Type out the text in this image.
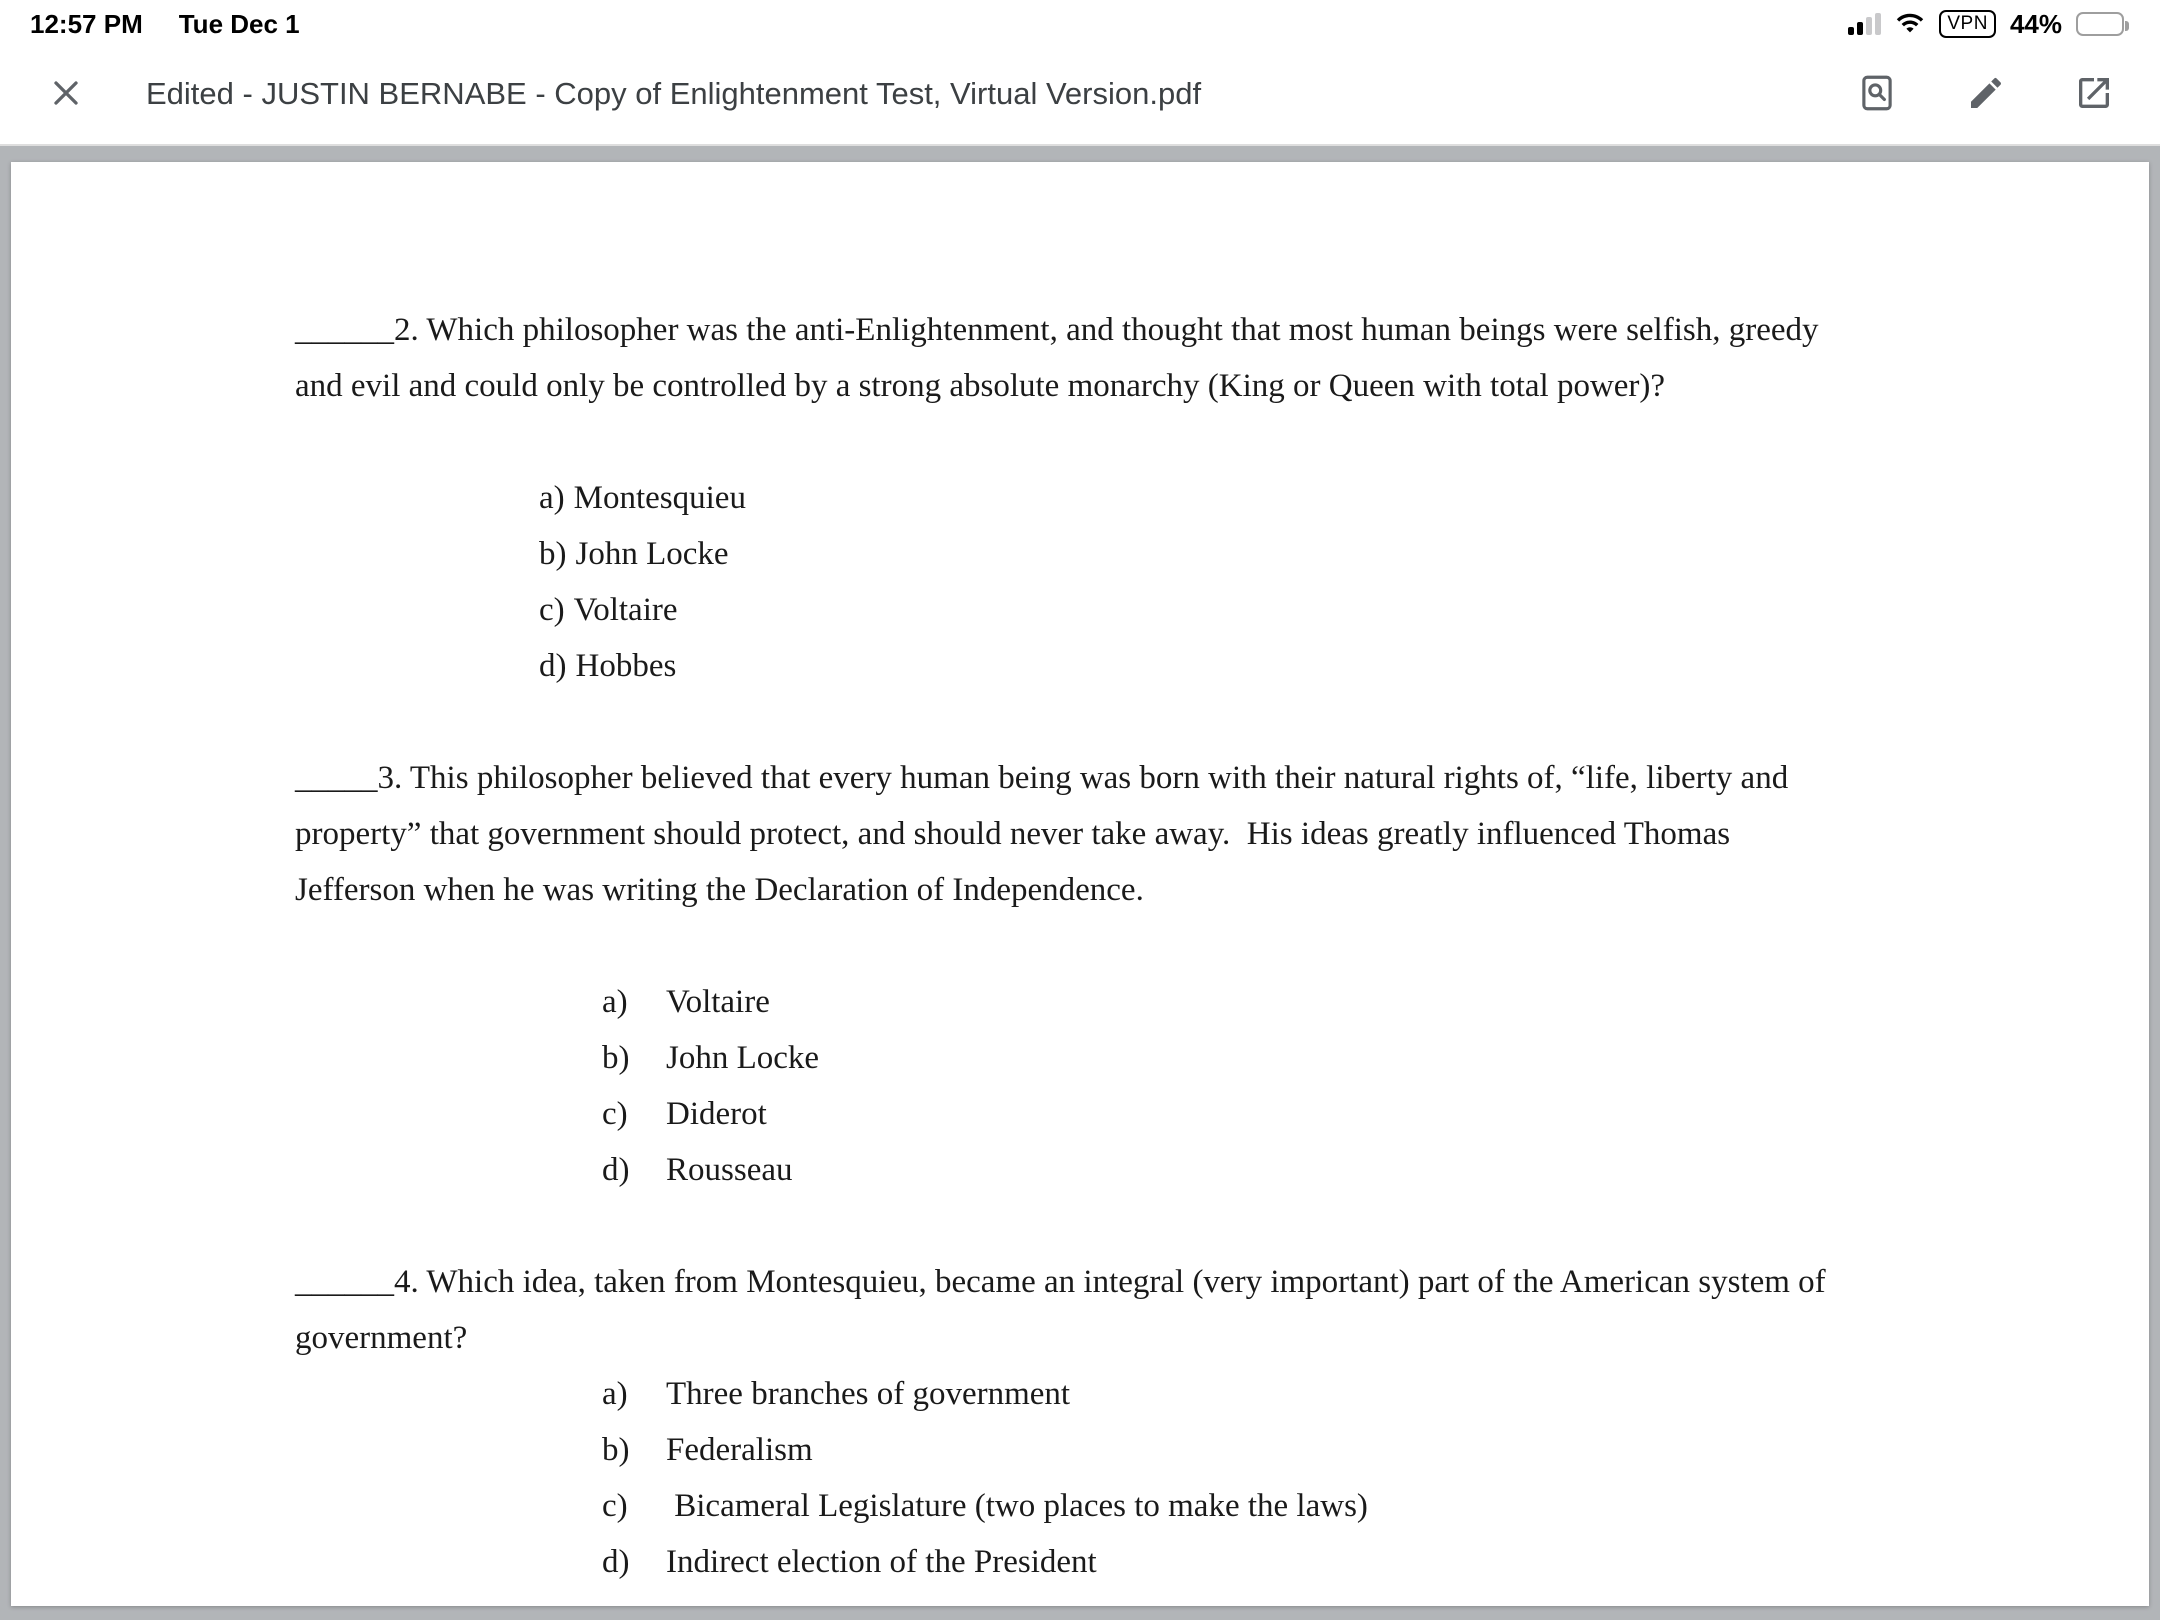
12:57 PM Tue Dec 1	VPN 44%
Edited - JUSTIN BERNABE - Copy of Enlightenment Test, Virtual Version.pdf

______2. Which philosopher was the anti-Enlightenment, and thought that most human beings were selfish, greedy and evil and could only be controlled by a strong absolute monarchy (King or Queen with total power)?

a) Montesquieu
b) John Locke
c) Voltaire
d) Hobbes

_____3. This philosopher believed that every human being was born with their natural rights of, “life, liberty and property” that government should protect, and should never take away.  His ideas greatly influenced Thomas Jefferson when he was writing the Declaration of Independence.

a) Voltaire
b) John Locke
c) Diderot
d) Rousseau

______4. Which idea, taken from Montesquieu, became an integral (very important) part of the American system of government?

a) Three branches of government
b) Federalism
c) Bicameral Legislature (two places to make the laws)
d) Indirect election of the President
